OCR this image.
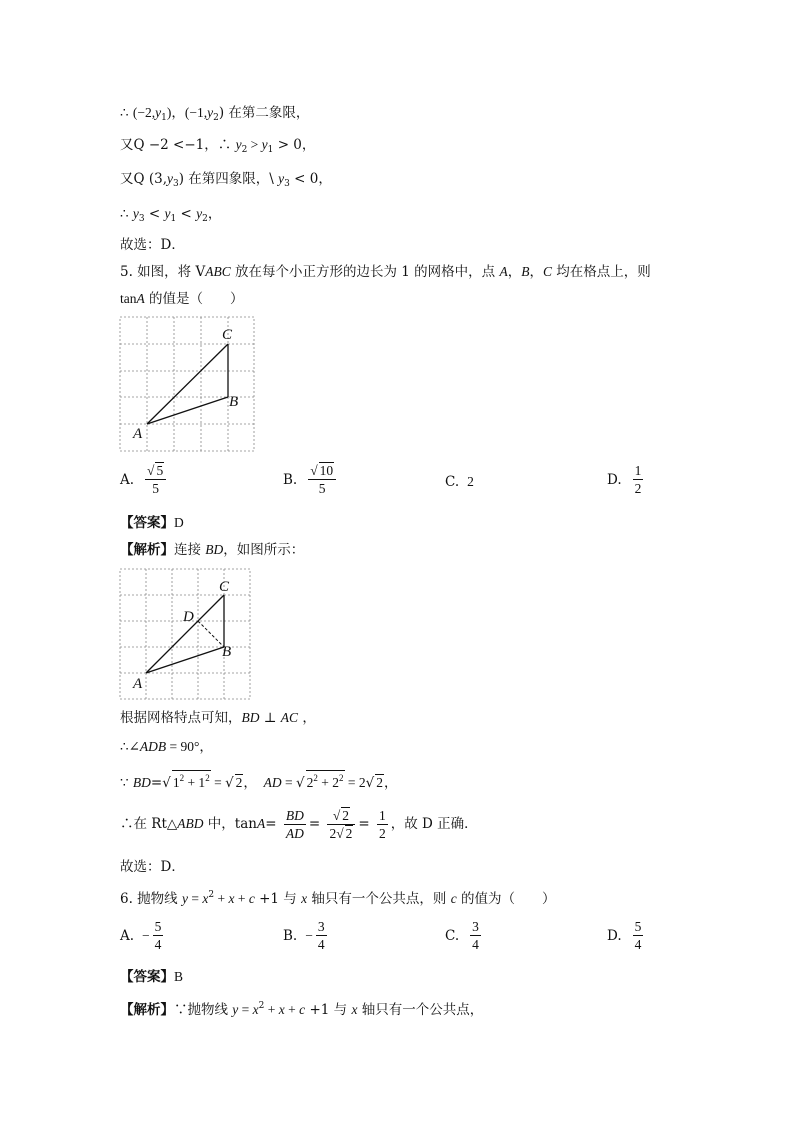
∴ $(-2,y_1)$，$(-1,y_2)$ 在第二象限，
又Q −2 <−1，∴ $y_2 > y_1 > 0$，
又Q $(3,y_3)$ 在第四象限，\ $y_3 < 0$，
∴ $y_3 < y_1 < y_2$，
故选：D．
5. 如图，将 VABC 放在每个小正方形的边长为 1 的网格中，点 A，B，C 均在格点上，则
tanA 的值是（　　）
C
B
A
A. $\frac{√ 5}{5}$	B. $\frac{√ 10}{5}$	C. 2	D. $\frac{1}{2}$
【答案】D
【解析】连接 BD，如图所示：
C
B
A
D
根据网格特点可知，BD ⊥ AC ，
∴∠ADB = 90°，
∵ BD=√ $1^2 + 1^2$ = √ 2，　AD = √ $2^2 + 2^2 = 2√$ 2，
∴在 Rt△ABD 中，$\tan A= \frac{BD}{AD} = \frac{√ 2}{2√ 2} = \frac{1}{2}$ ，故 D 正确．
故选：D．
6. 抛物线 $y = x^2 + x + c +1$ 与 x 轴只有一个公共点，则 c 的值为（　　）
A. − $\frac{5}{4}$	B. − $\frac{3}{4}$	C. $\frac{3}{4}$	D. $\frac{5}{4}$
【答案】B
【解析】∵抛物线 $y = x^2 + x + c +1$ 与 x 轴只有一个公共点，
